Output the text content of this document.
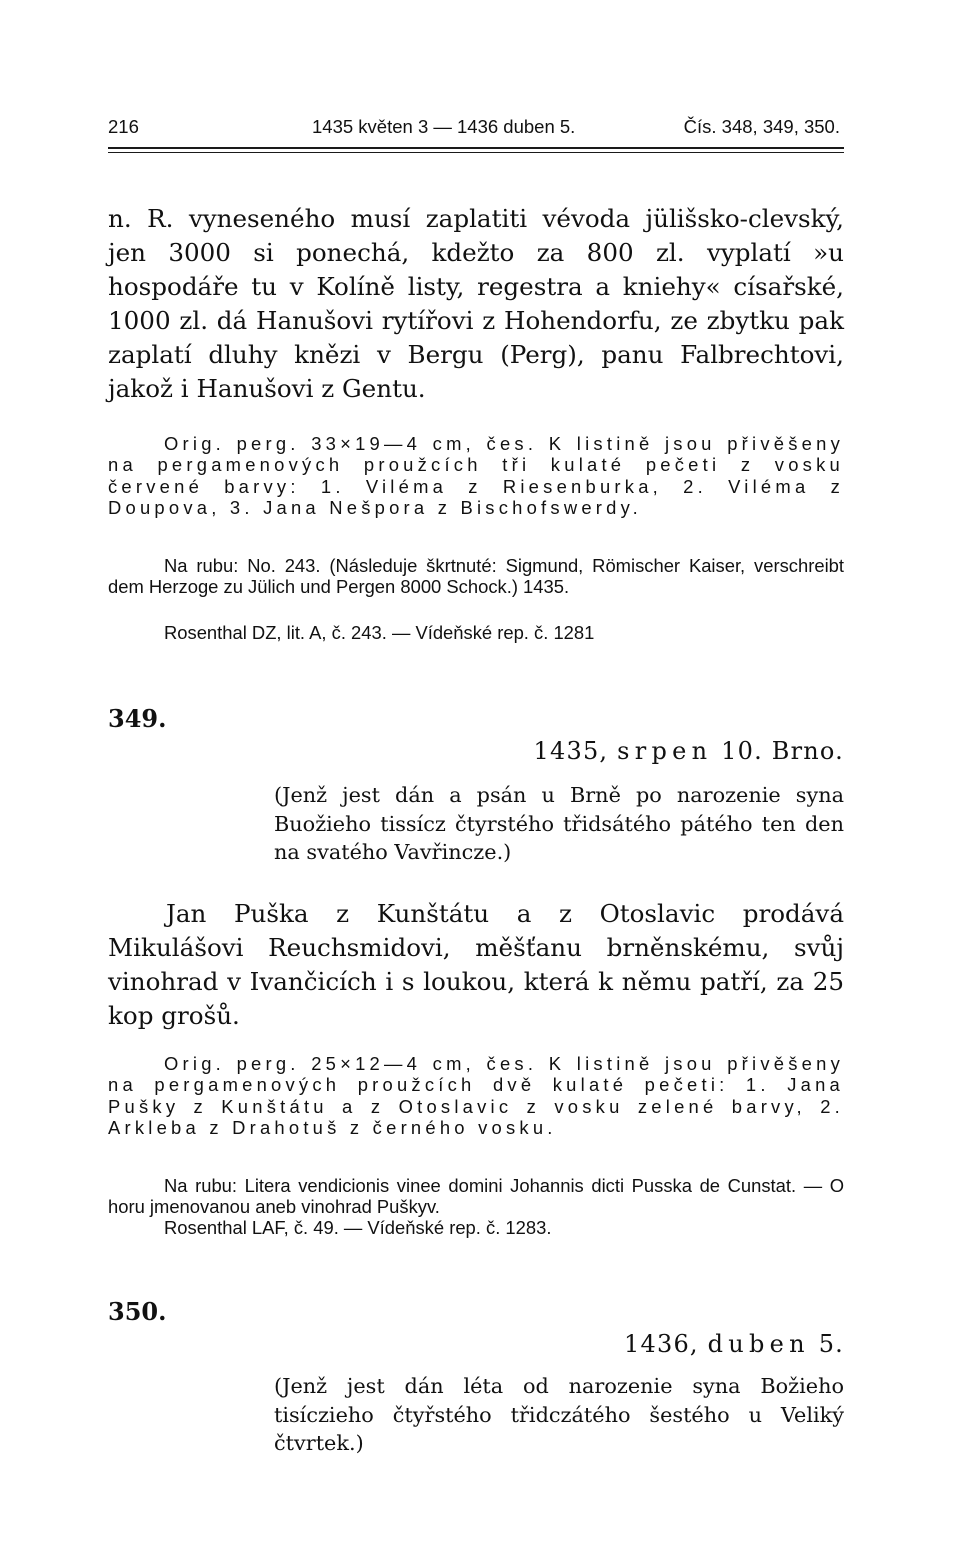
216	1435 květen 3 — 1436 duben 5.	Čís. 348, 349, 350.

n. R. vyneseného musí zaplatiti vévoda jülišsko-clevský, jen 3000 si ponechá, kdežto za 800 zl. vyplatí »u hospodáře tu v Kolíně listy, regestra a kniehy« císařské, 1000 zl. dá Hanušovi rytířovi z Hohendorfu, ze zbytku pak zaplatí dluhy knězi v Bergu (Perg), panu Falbrechtovi, jakož i Hanušovi z Gentu.

Orig. perg. 33×19—4 cm, čes. K listině jsou přivěšeny na pergamenových proužcích tři kulaté pečeti z vosku červené barvy: 1. Viléma z Riesenburka, 2. Viléma z Doupova, 3. Jana Nešpora z Bischofswerdy.

Na rubu: No. 243. (Následuje škrtnuté: Sigmund, Römischer Kaiser, verschreibt dem Herzoge zu Jülich und Pergen 8000 Schock.) 1435.

Rosenthal DZ, lit. A, č. 243. — Vídeňské rep. č. 1281

349.
1435, srpen 10. Brno.

(Jenž jest dán a psán u Brně po narozenie syna Buožieho tissícz čtyrstého třidsátého pátého ten den na svatého Vavřincze.)

Jan Puška z Kunštátu a z Otoslavic prodává Mikulášovi Reuchsmidovi, měšťanu brněnskému, svůj vinohrad v Ivančicích i s loukou, která k němu patří, za 25 kop grošů.

Orig. perg. 25×12—4 cm, čes. K listině jsou přivěšeny na pergamenových proužcích dvě kulaté pečeti: 1. Jana Pušky z Kunštátu a z Otoslavic z vosku zelené barvy, 2. Arkleba z Drahotuš z černého vosku.

Na rubu: Litera vendicionis vinee domini Johannis dicti Pusska de Cunstat. — O horu jmenovanou aneb vinohrad Puškyv.

Rosenthal LAF, č. 49. — Vídeňské rep. č. 1283.

350.
1436, duben 5.

(Jenž jest dán léta od narozenie syna Božieho tisíczieho čtyřstého třidczátého šestého u Veliký čtvrtek.)
